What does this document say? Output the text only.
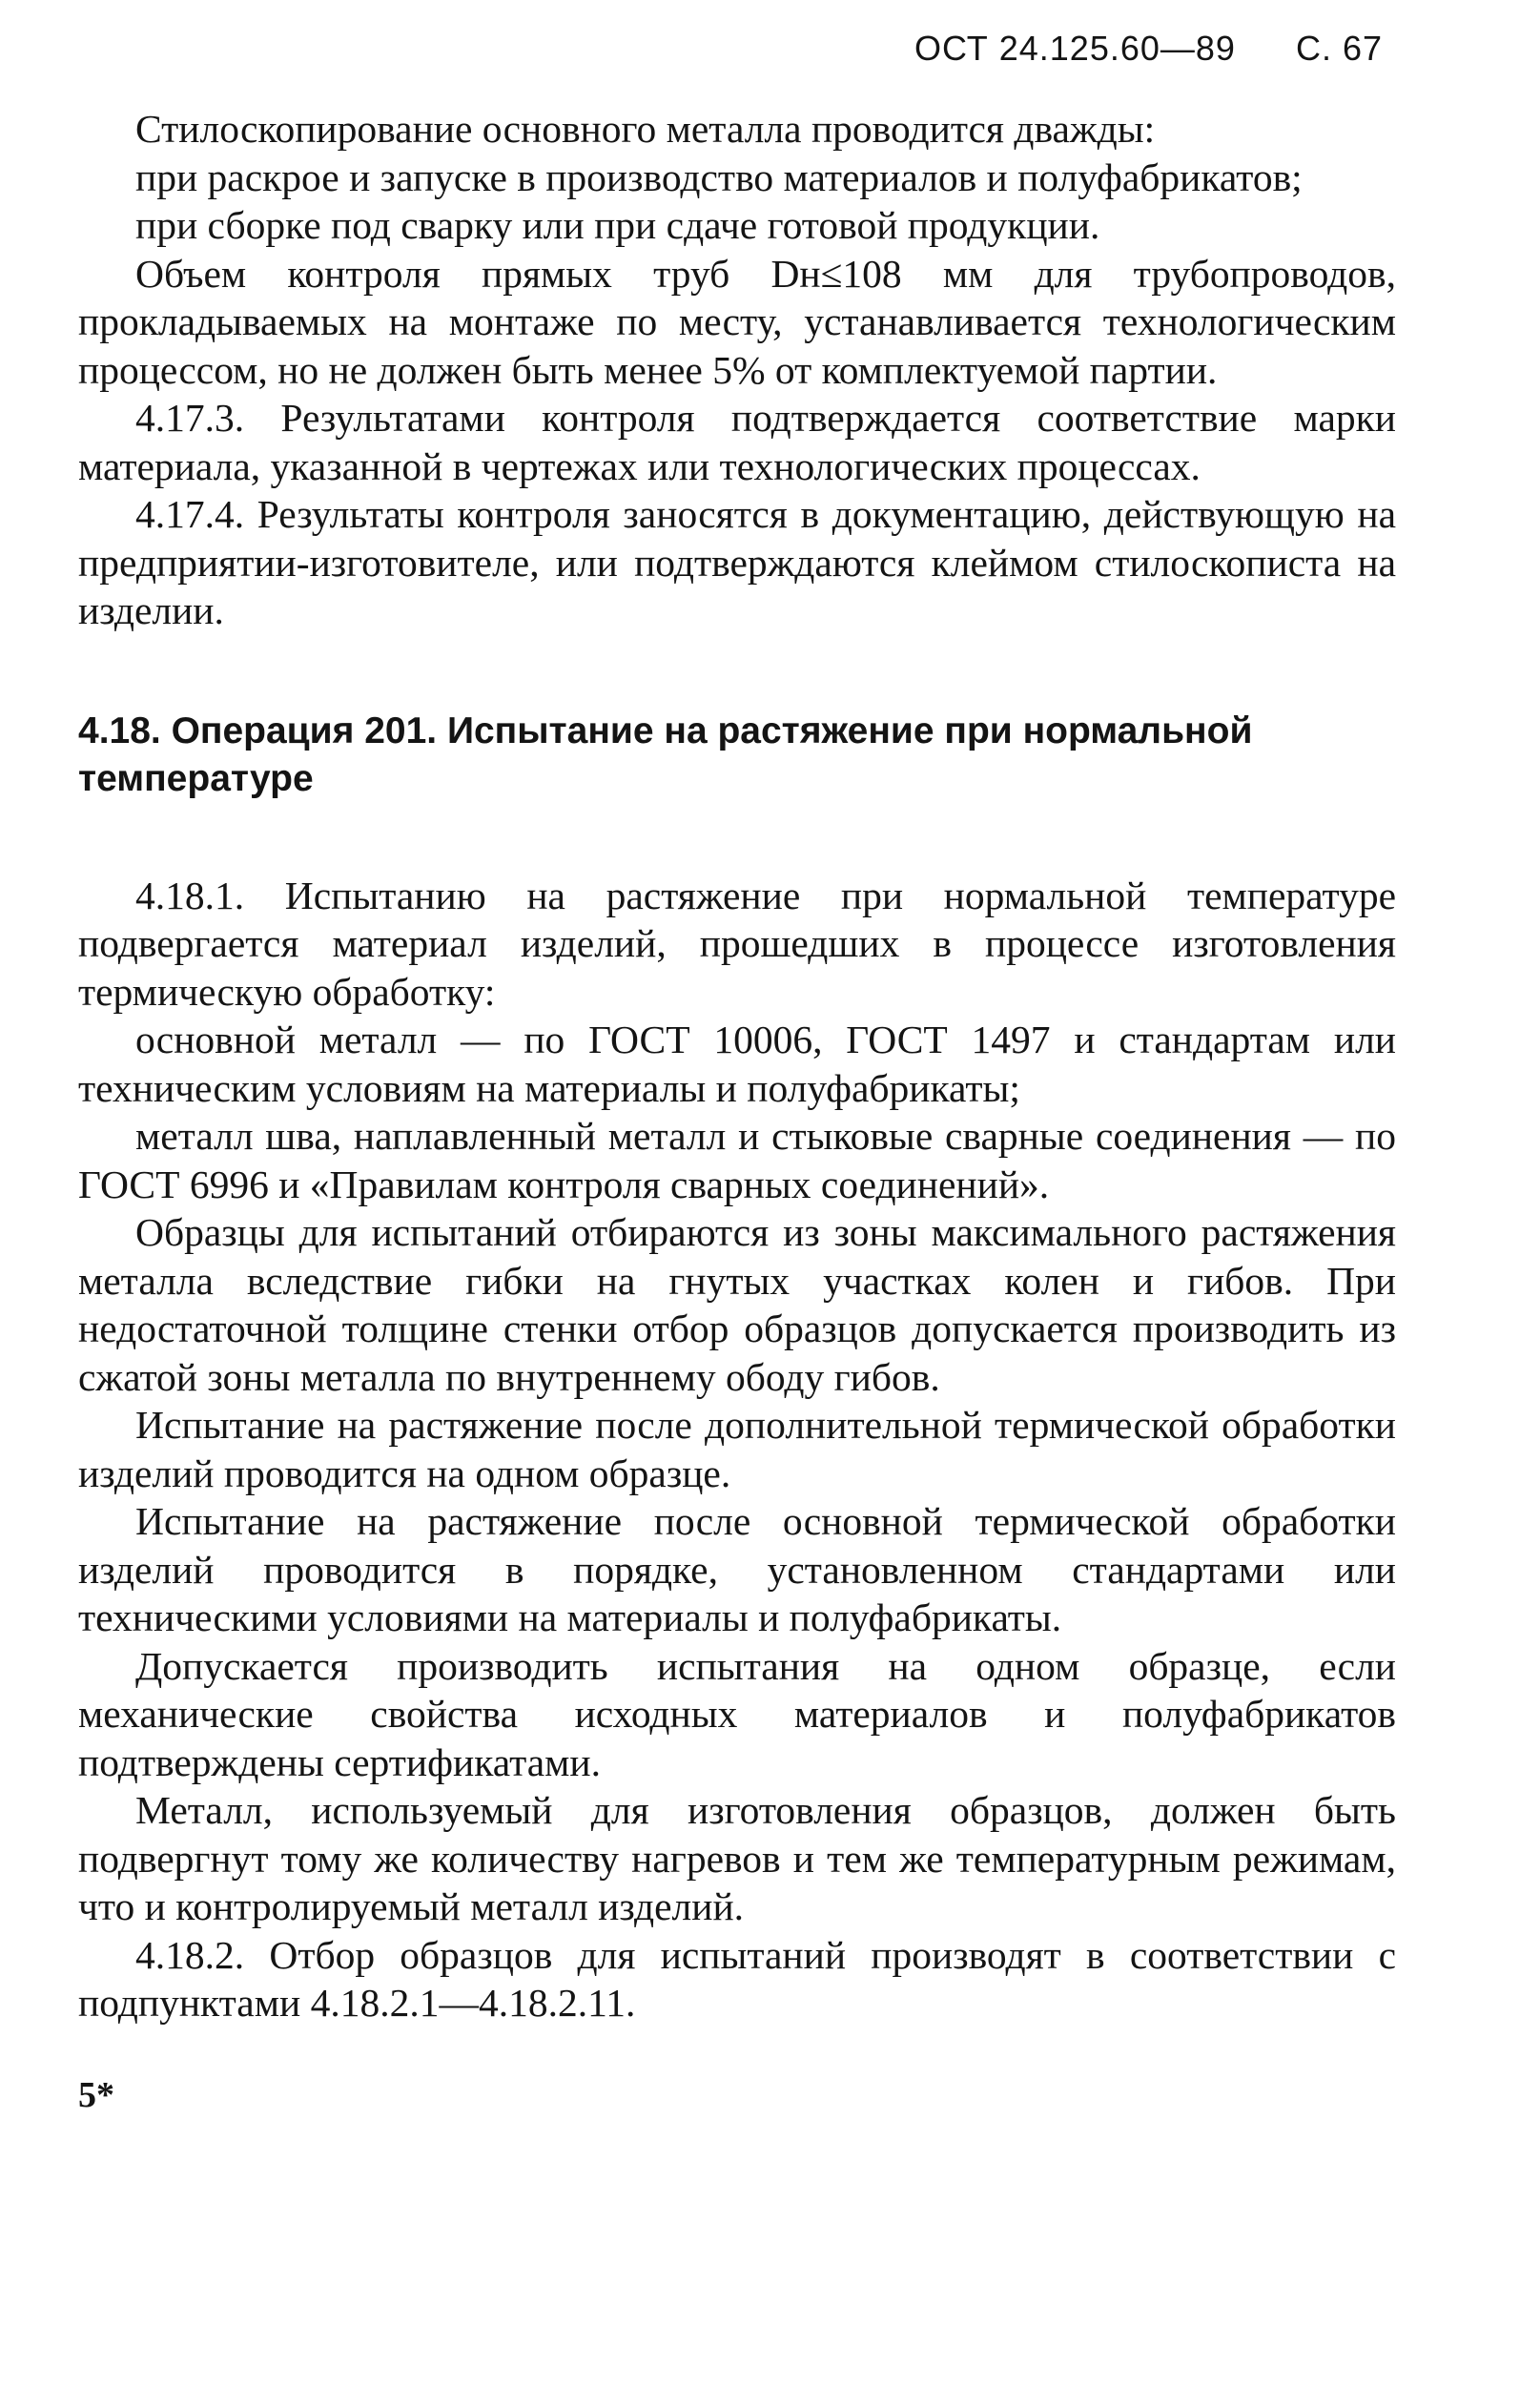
ОСТ 24.125.60—89 С. 67

Стилоскопирование основного металла проводится дважды:

при раскрое и запуске в производство материалов и полуфабрикатов;

при сборке под сварку или при сдаче готовой продукции.

Объем контроля прямых труб Dн≤108 мм для трубопроводов, прокладываемых на монтаже по месту, устанавливается технологическим процессом, но не должен быть менее 5% от комплектуемой партии.

4.17.3. Результатами контроля подтверждается соответствие марки материала, указанной в чертежах или технологических процессах.

4.17.4. Результаты контроля заносятся в документацию, действующую на предприятии-изготовителе, или подтверждаются клеймом стилоскописта на изделии.

4.18. Операция 201. Испытание на растяжение при нормальной температуре

4.18.1. Испытанию на растяжение при нормальной температуре подвергается материал изделий, прошедших в процессе изготовления термическую обработку:

основной металл — по ГОСТ 10006, ГОСТ 1497 и стандартам или техническим условиям на материалы и полуфабрикаты;

металл шва, наплавленный металл и стыковые сварные соединения — по ГОСТ 6996 и «Правилам контроля сварных соединений».

Образцы для испытаний отбираются из зоны максимального растяжения металла вследствие гибки на гнутых участках колен и гибов. При недостаточной толщине стенки отбор образцов допускается производить из сжатой зоны металла по внутреннему ободу гибов.

Испытание на растяжение после дополнительной термической обработки изделий проводится на одном образце.

Испытание на растяжение после основной термической обработки изделий проводится в порядке, установленном стандартами или техническими условиями на материалы и полуфабрикаты.

Допускается производить испытания на одном образце, если механические свойства исходных материалов и полуфабрикатов подтверждены сертификатами.

Металл, используемый для изготовления образцов, должен быть подвергнут тому же количеству нагревов и тем же температурным режимам, что и контролируемый металл изделий.

4.18.2. Отбор образцов для испытаний производят в соответствии с подпунктами 4.18.2.1—4.18.2.11.

5*
